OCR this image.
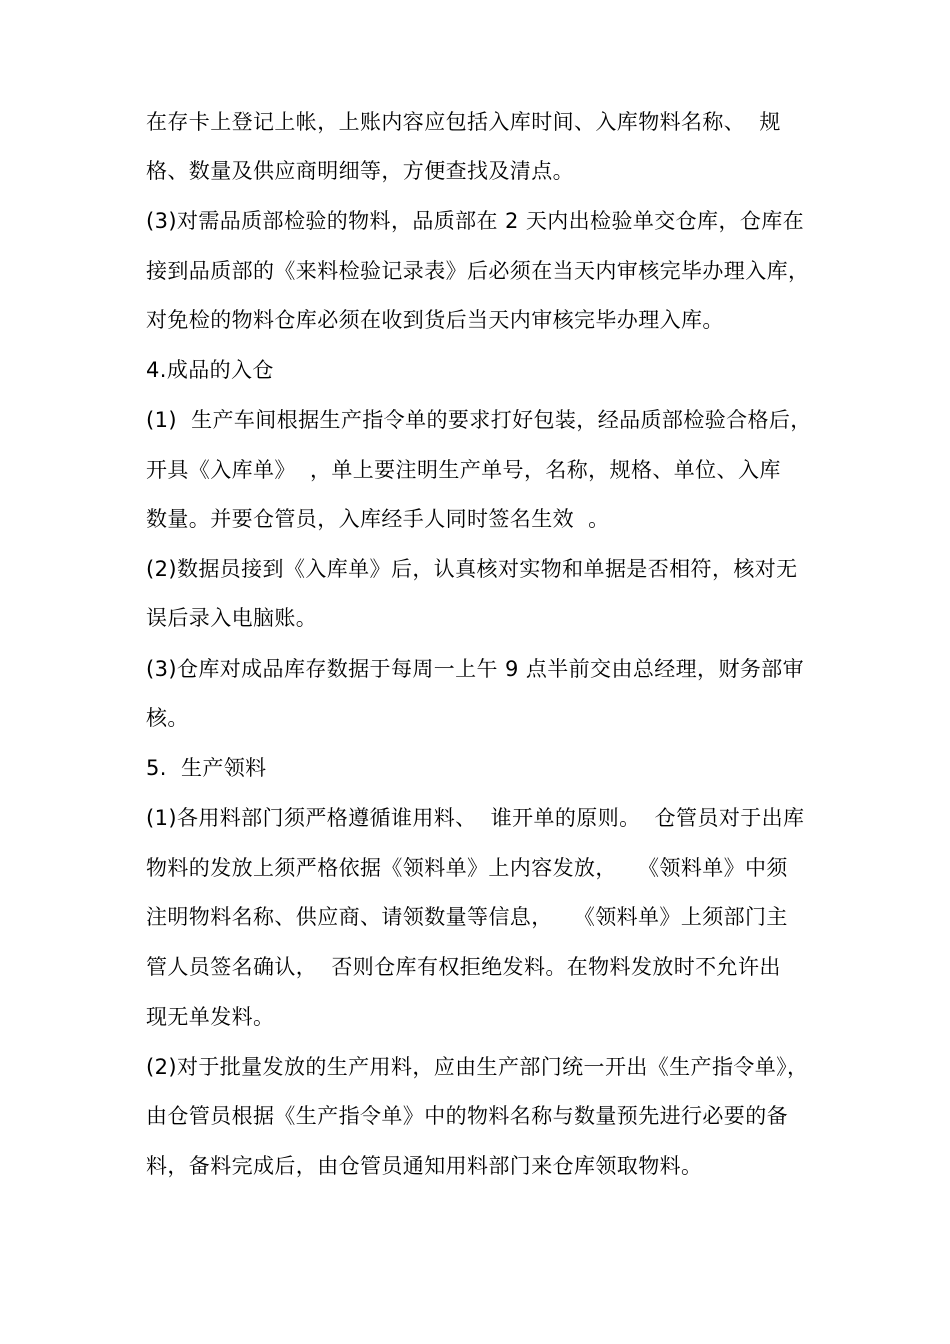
在存卡上登记上帐，上账内容应包括入库时间、入库物料名称、  规
格、数量及供应商明细等，方便查找及清点。
(3)对需品质部检验的物料，品质部在 2 天内出检验单交仓库，仓库在
接到品质部的《来料检验记录表》后必须在当天内审核完毕办理入库，
对免检的物料仓库必须在收到货后当天内审核完毕办理入库。
4.成品的入仓
(1)  生产车间根据生产指令单的要求打好包装，经品质部检验合格后，
开具《入库单》  ，单上要注明生产单号，名称，规格、单位、入库
数量。并要仓管员，入库经手人同时签名生效  。
(2)数据员接到《入库单》后，认真核对实物和单据是否相符，核对无
误后录入电脑账。
(3)仓库对成品库存数据于每周一上午 9 点半前交由总经理，财务部审
核。
5.  生产领料
(1)各用料部门须严格遵循谁用料、  谁开单的原则。  仓管员对于出库
物料的发放上须严格依据《领料单》上内容发放，   《领料单》中须
注明物料名称、供应商、请领数量等信息，   《领料单》上须部门主
管人员签名确认，  否则仓库有权拒绝发料。在物料发放时不允许出
现无单发料。
(2)对于批量发放的生产用料，应由生产部门统一开出《生产指令单》，
由仓管员根据《生产指令单》中的物料名称与数量预先进行必要的备
料，备料完成后，由仓管员通知用料部门来仓库领取物料。
